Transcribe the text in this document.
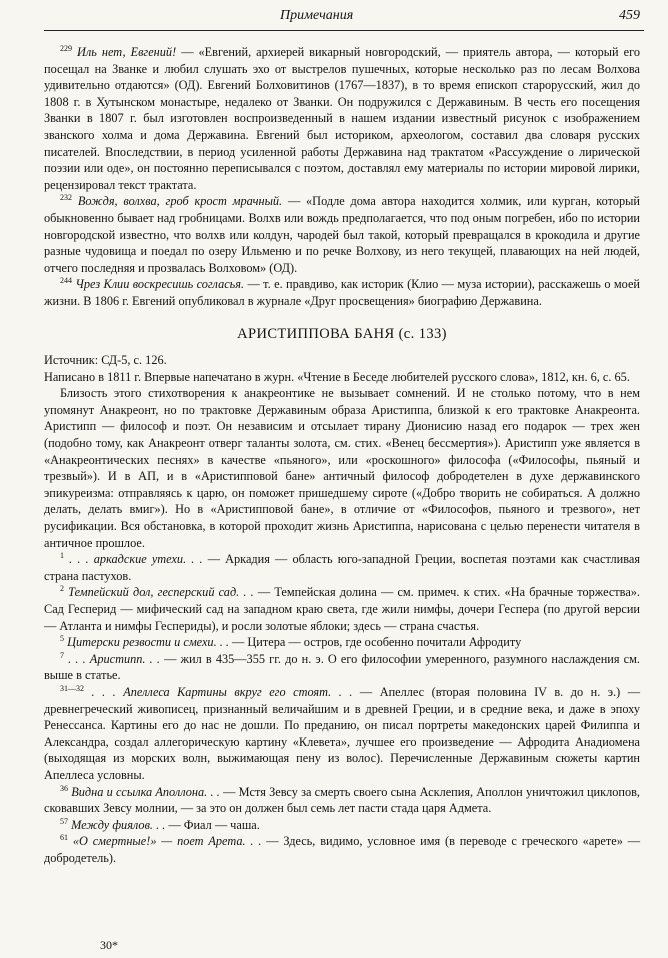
Примечания	459

$^{229}$ Иль нет, Евгений! — «Евгений, архиерей викарный новгородский, — приятель автора, — который его посещал на Званке и любил слушать эхо от выстрелов пушечных, которые несколько раз по лесам Волхова удивительно отдаются» (ОД). Евгений Болховитинов (1767—1837), в то время епископ старорусский, жил до 1808 г. в Хутынском монастыре, недалеко от Званки. Он подружился с Державиным. В честь его посещения Званки в 1807 г. был изготовлен воспроизведенный в нашем издании известный рисунок с изображением званского холма и дома Державина. Евгений был историком, археологом, составил два словаря русских писателей. Впоследствии, в период усиленной работы Державина над трактатом «Рассуждение о лирической поэзии или оде», он постоянно переписывался с поэтом, доставлял ему материалы по истории мировой лирики, рецензировал текст трактата.

$^{232}$ Вождя, волхва, гроб крост мрачный. — «Подле дома автора находится холмик, или курган, который обыкновенно бывает над гробницами. Волхв или вождь предполагается, что под оным погребен, ибо по истории новгородской известно, что волхв или колдун, чародей был такой, который превращался в крокодила и другие разные чудовища и поедал по озеру Ильменю и по речке Волхову, из него текущей, плавающих на ней людей, отчего последняя и прозвалась Волховом» (ОД).

$^{244}$ Чрез Клии воскресишь согласья. — т. е. правдиво, как историк (Клио — муза истории), расскажешь о моей жизни. В 1806 г. Евгений опубликовал в журнале «Друг просвещения» биографию Державина.

АРИСТИППОВА БАНЯ (с. 133)

Источник: СД-5, с. 126.

Написано в 1811 г. Впервые напечатано в журн. «Чтение в Беседе любителей русского слова», 1812, кн. 6, с. 65.

Близость этого стихотворения к анакреонтике не вызывает сомнений. И не столько потому, что в нем упомянут Анакреонт, но по трактовке Державиным образа Аристиппа, близкой к его трактовке Анакреонта. Аристипп — философ и поэт. Он независим и отсылает тирану Дионисию назад его подарок — трех жен (подобно тому, как Анакреонт отверг таланты золота, см. стих. «Венец бессмертия»). Аристипп уже является в «Анакреонтических песнях» в качестве «пьяного», или «роскошного» философа («Философы, пьяный и трезвый»). И в АП, и в «Аристипповой бане» античный философ добродетелен в духе державинского эпикуреизма: отправляясь к царю, он поможет пришедшему сироте («Добро творить не собираться. А должно делать, делать вмиг»). Но в «Аристипповой бане», в отличие от «Философов, пьяного и трезвого», нет русификации. Вся обстановка, в которой проходит жизнь Аристиппа, нарисована с целью перенести читателя в античное прошлое.

$^1$ . . . аркадские утехи. . . — Аркадия — область юго-западной Греции, воспетая поэтами как счастливая страна пастухов.

$^2$ Темпейский дол, гесперский сад. . . — Темпейская долина — см. примеч. к стих. «На брачные торжества». Сад Гесперид — мифический сад на западном краю света, где жили нимфы, дочери Геспера (по другой версии — Атланта и нимфы Геспериды), и росли золотые яблоки; здесь — страна счастья.

$^5$ Цитерски резвости и смехи. . . — Цитера — остров, где особенно почитали Афродиту

$^7$ . . . Аристипп. . . — жил в 435—355 гг. до н. э. О его философии умеренного, разумного наслаждения см. выше в статье.

$^{31—32}$ . . . Апеллеса Картины вкруг его стоят. . . — Апеллес (вторая половина IV в. до н. э.) — древнегреческий живописец, признанный величайшим и в древней Греции, и в средние века, и даже в эпоху Ренессанса. Картины его до нас не дошли. По преданию, он писал портреты македонских царей Филиппа и Александра, создал аллегорическую картину «Клевета», лучшее его произведение — Афродита Анадиомена (выходящая из морских волн, выжимающая пену из волос). Перечисленные Державиным сюжеты картин Апеллеса условны.

$^{36}$ Видна и ссылка Аполлона. . . — Мстя Зевсу за смерть своего сына Асклепия, Аполлон уничтожил циклопов, сковавших Зевсу молнии, — за это он должен был семь лет пасти стада царя Адмета.

$^{57}$ Между фиялов. . . — Фиал — чаша.

$^{61}$ «О смертные!» — поет Арета. . . — Здесь, видимо, условное имя (в переводе с греческого «арете» — добродетель).

30*
